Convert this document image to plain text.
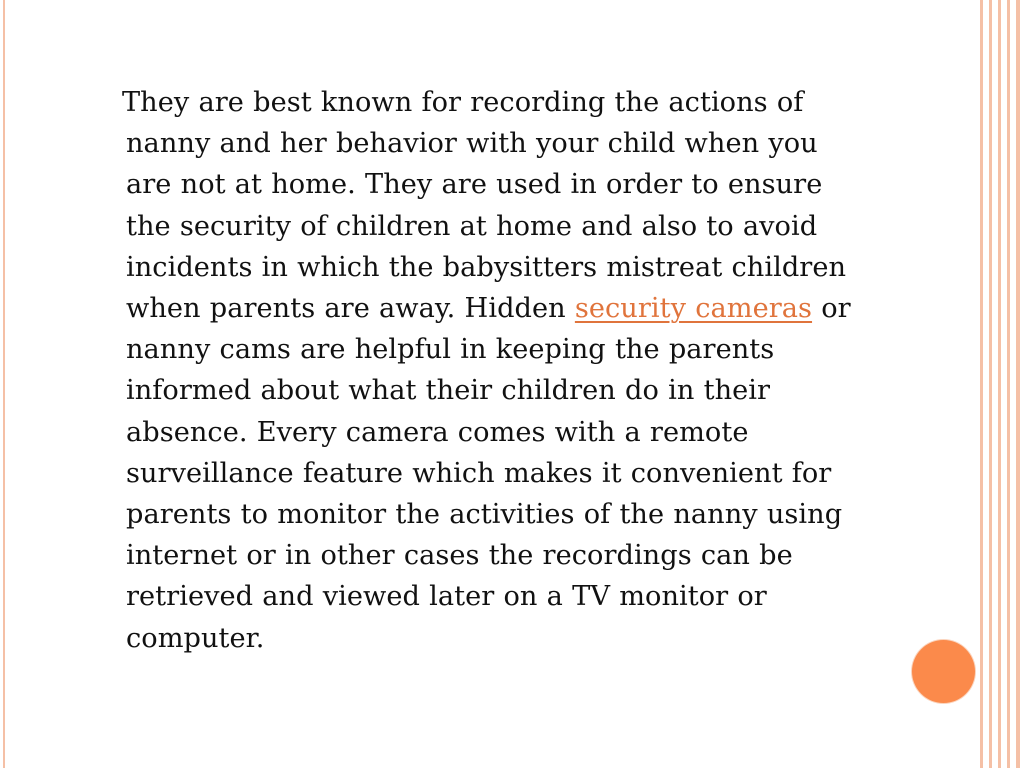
They are best known for recording the actions of
nanny and her behavior with your child when you
are not at home. They are used in order to ensure
the security of children at home and also to avoid
incidents in which the babysitters mistreat children
when parents are away. Hidden security cameras or
nanny cams are helpful in keeping the parents
informed about what their children do in their
absence. Every camera comes with a remote
surveillance feature which makes it convenient for
parents to monitor the activities of the nanny using
internet or in other cases the recordings can be
retrieved and viewed later on a TV monitor or
computer.
